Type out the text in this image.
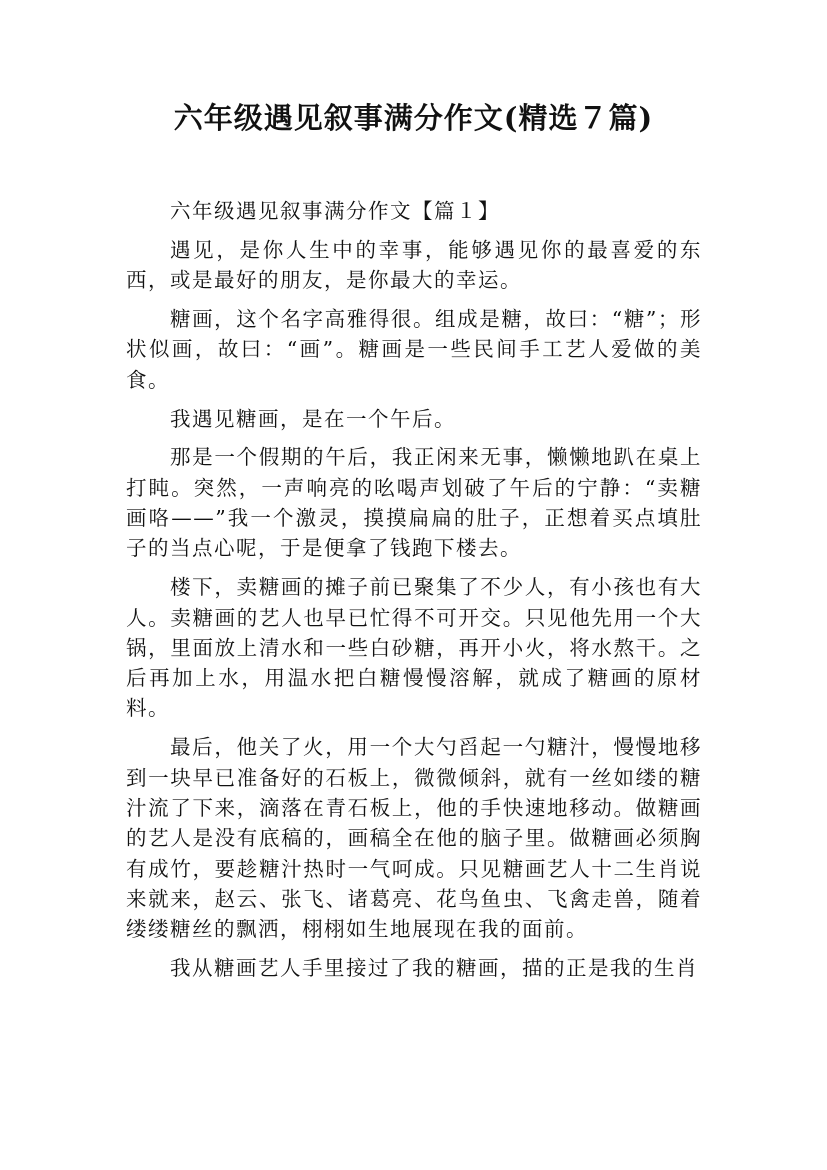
六年级遇见叙事满分作文(精选７篇)

六年级遇见叙事满分作文【篇１】

遇见，是你人生中的幸事，能够遇见你的最喜爱的东西，或是最好的朋友，是你最大的幸运。

糖画，这个名字高雅得很。组成是糖，故曰：“糖”；形状似画，故曰：“画”。糖画是一些民间手工艺人爱做的美食。

我遇见糖画，是在一个午后。

那是一个假期的午后，我正闲来无事，懒懒地趴在桌上打盹。突然，一声响亮的吆喝声划破了午后的宁静：“卖糖画咯——”我一个激灵，摸摸扁扁的肚子，正想着买点填肚子的当点心呢，于是便拿了钱跑下楼去。

楼下，卖糖画的摊子前已聚集了不少人，有小孩也有大人。卖糖画的艺人也早已忙得不可开交。只见他先用一个大锅，里面放上清水和一些白砂糖，再开小火，将水熬干。之后再加上水，用温水把白糖慢慢溶解，就成了糖画的原材料。

最后，他关了火，用一个大勺舀起一勺糖汁，慢慢地移到一块早已准备好的石板上，微微倾斜，就有一丝如缕的糖汁流了下来，滴落在青石板上，他的手快速地移动。做糖画的艺人是没有底稿的，画稿全在他的脑子里。做糖画必须胸有成竹，要趁糖汁热时一气呵成。只见糖画艺人十二生肖说来就来，赵云、张飞、诸葛亮、花鸟鱼虫、飞禽走兽，随着缕缕糖丝的飘洒，栩栩如生地展现在我的面前。

我从糖画艺人手里接过了我的糖画，描的正是我的生肖
